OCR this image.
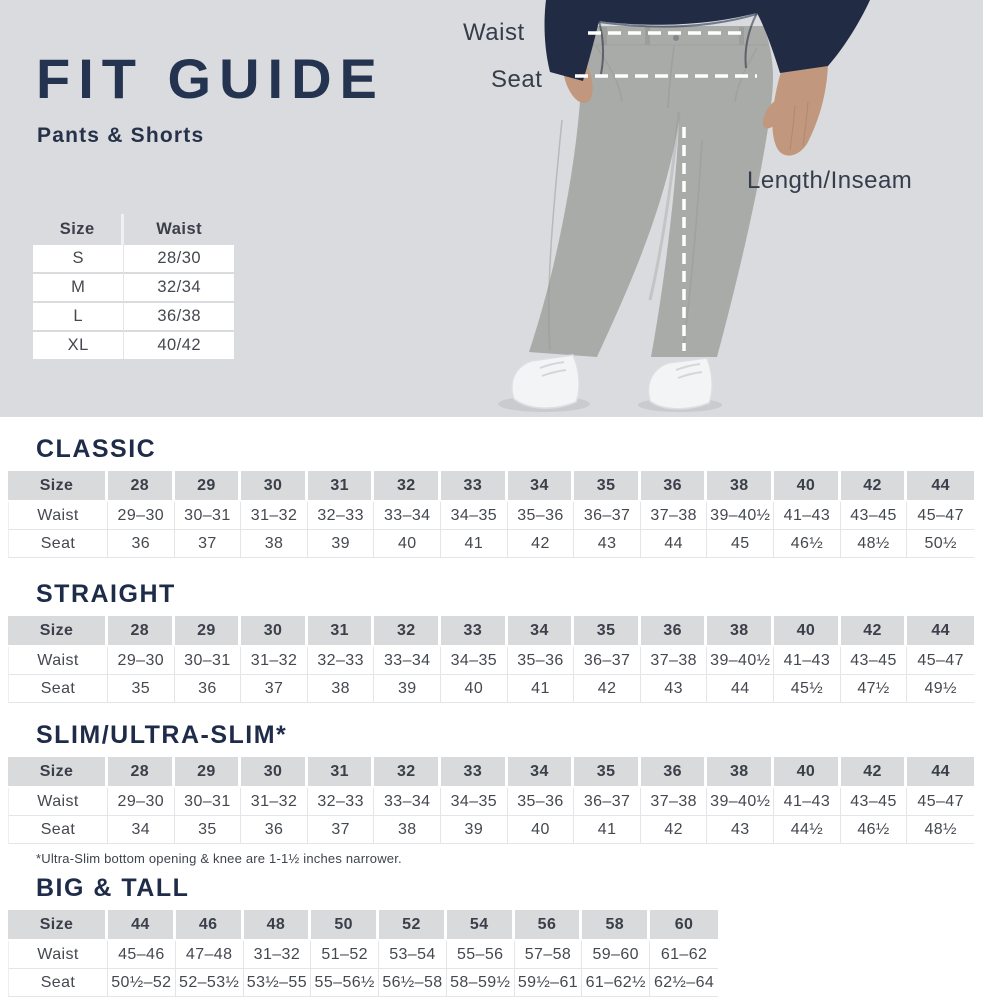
FIT GUIDE
Pants & Shorts
Waist
Seat
Length/Inseam
Size	Waist
S	28/30
M	32/34
L	36/38
XL	40/42
CLASSIC
Size	28	29	30	31	32	33	34	35	36	38	40	42	44
Waist	29–30	30–31	31–32	32–33	33–34	34–35	35–36	36–37	37–38	39–40½	41–43	43–45	45–47
Seat	36	37	38	39	40	41	42	43	44	45	46½	48½	50½
STRAIGHT
Size	28	29	30	31	32	33	34	35	36	38	40	42	44
Waist	29–30	30–31	31–32	32–33	33–34	34–35	35–36	36–37	37–38	39–40½	41–43	43–45	45–47
Seat	35	36	37	38	39	40	41	42	43	44	45½	47½	49½
SLIM/ULTRA-SLIM*
Size	28	29	30	31	32	33	34	35	36	38	40	42	44
Waist	29–30	30–31	31–32	32–33	33–34	34–35	35–36	36–37	37–38	39–40½	41–43	43–45	45–47
Seat	34	35	36	37	38	39	40	41	42	43	44½	46½	48½
*Ultra-Slim bottom opening & knee are 1-1½ inches narrower.
BIG & TALL
Size	44	46	48	50	52	54	56	58	60
Waist	45–46	47–48	31–32	51–52	53–54	55–56	57–58	59–60	61–62
Seat	50½–52	52–53½	53½–55	55–56½	56½–58	58–59½	59½–61	61–62½	62½–64
